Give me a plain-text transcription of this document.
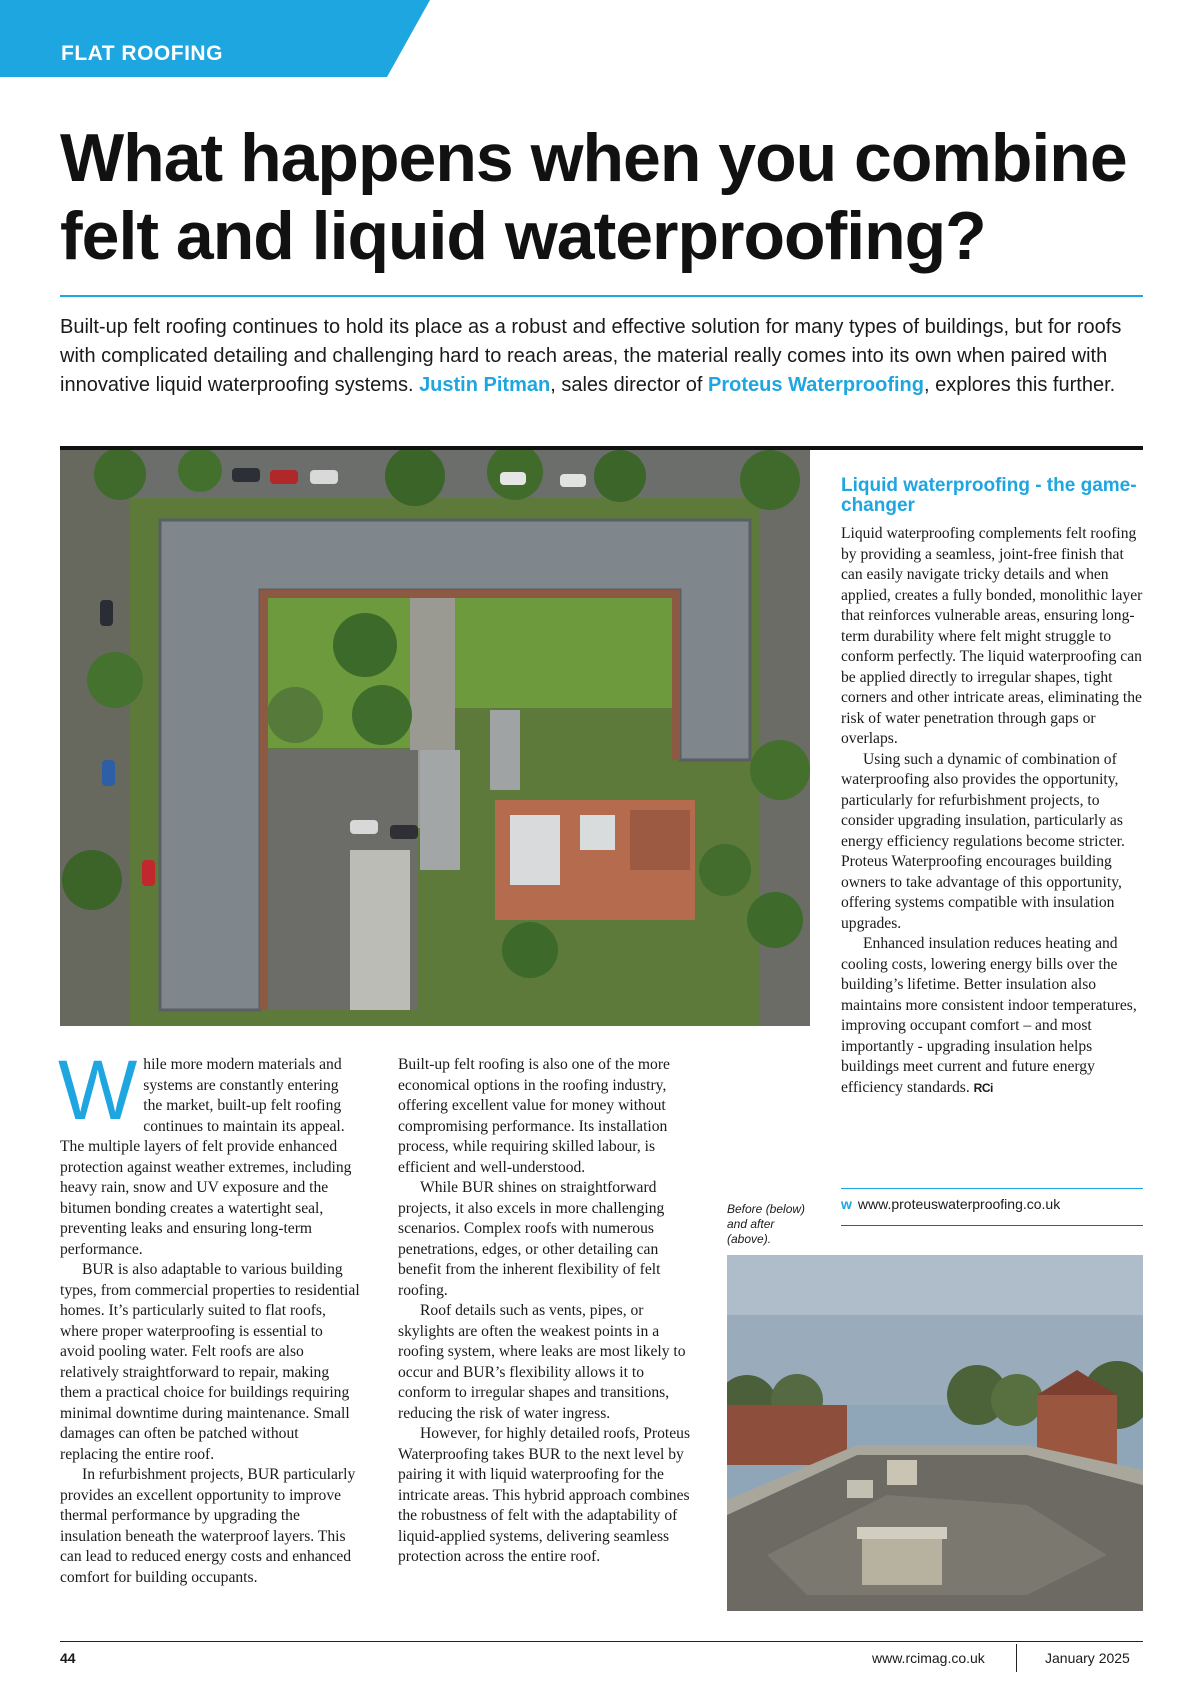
FLAT ROOFING
What happens when you combine felt and liquid waterproofing?

Built-up felt roofing continues to hold its place as a robust and effective solution for many types of buildings, but for roofs with complicated detailing and challenging hard to reach areas, the material really comes into its own when paired with innovative liquid waterproofing systems. Justin Pitman, sales director of Proteus Waterproofing, explores this further.

Liquid waterproofing - the game-changer

Liquid waterproofing complements felt roofing by providing a seamless, joint-free finish that can easily navigate tricky details and when applied, creates a fully bonded, monolithic layer that reinforces vulnerable areas, ensuring long-term durability where felt might struggle to conform perfectly. The liquid waterproofing can be applied directly to irregular shapes, tight corners and other intricate areas, eliminating the risk of water penetration through gaps or overlaps.

Using such a dynamic of combination of waterproofing also provides the opportunity, particularly for refurbishment projects, to consider upgrading insulation, particularly as energy efficiency regulations become stricter. Proteus Waterproofing encourages building owners to take advantage of this opportunity, offering systems compatible with insulation upgrades.

Enhanced insulation reduces heating and cooling costs, lowering energy bills over the building’s lifetime. Better insulation also maintains more consistent indoor temperatures, improving occupant comfort – and most importantly - upgrading insulation helps buildings meet current and future energy efficiency standards. RCi

w www.proteuswaterproofing.co.uk

While more modern materials and systems are constantly entering the market, built-up felt roofing continues to maintain its appeal. The multiple layers of felt provide enhanced protection against weather extremes, including heavy rain, snow and UV exposure and the bitumen bonding creates a watertight seal, preventing leaks and ensuring long-term performance.

BUR is also adaptable to various building types, from commercial properties to residential homes. It’s particularly suited to flat roofs, where proper waterproofing is essential to avoid pooling water. Felt roofs are also relatively straightforward to repair, making them a practical choice for buildings requiring minimal downtime during maintenance. Small damages can often be patched without replacing the entire roof.

In refurbishment projects, BUR particularly provides an excellent opportunity to improve thermal performance by upgrading the insulation beneath the waterproof layers. This can lead to reduced energy costs and enhanced comfort for building occupants.

Built-up felt roofing is also one of the more economical options in the roofing industry, offering excellent value for money without compromising performance. Its installation process, while requiring skilled labour, is efficient and well-understood.

While BUR shines on straightforward projects, it also excels in more challenging scenarios. Complex roofs with numerous penetrations, edges, or other detailing can benefit from the inherent flexibility of felt roofing.

Roof details such as vents, pipes, or skylights are often the weakest points in a roofing system, where leaks are most likely to occur and BUR’s flexibility allows it to conform to irregular shapes and transitions, reducing the risk of water ingress.

However, for highly detailed roofs, Proteus Waterproofing takes BUR to the next level by pairing it with liquid waterproofing for the intricate areas. This hybrid approach combines the robustness of felt with the adaptability of liquid-applied systems, delivering seamless protection across the entire roof.

Before (below) and after (above).
44	www.rcimag.co.uk	January 2025
